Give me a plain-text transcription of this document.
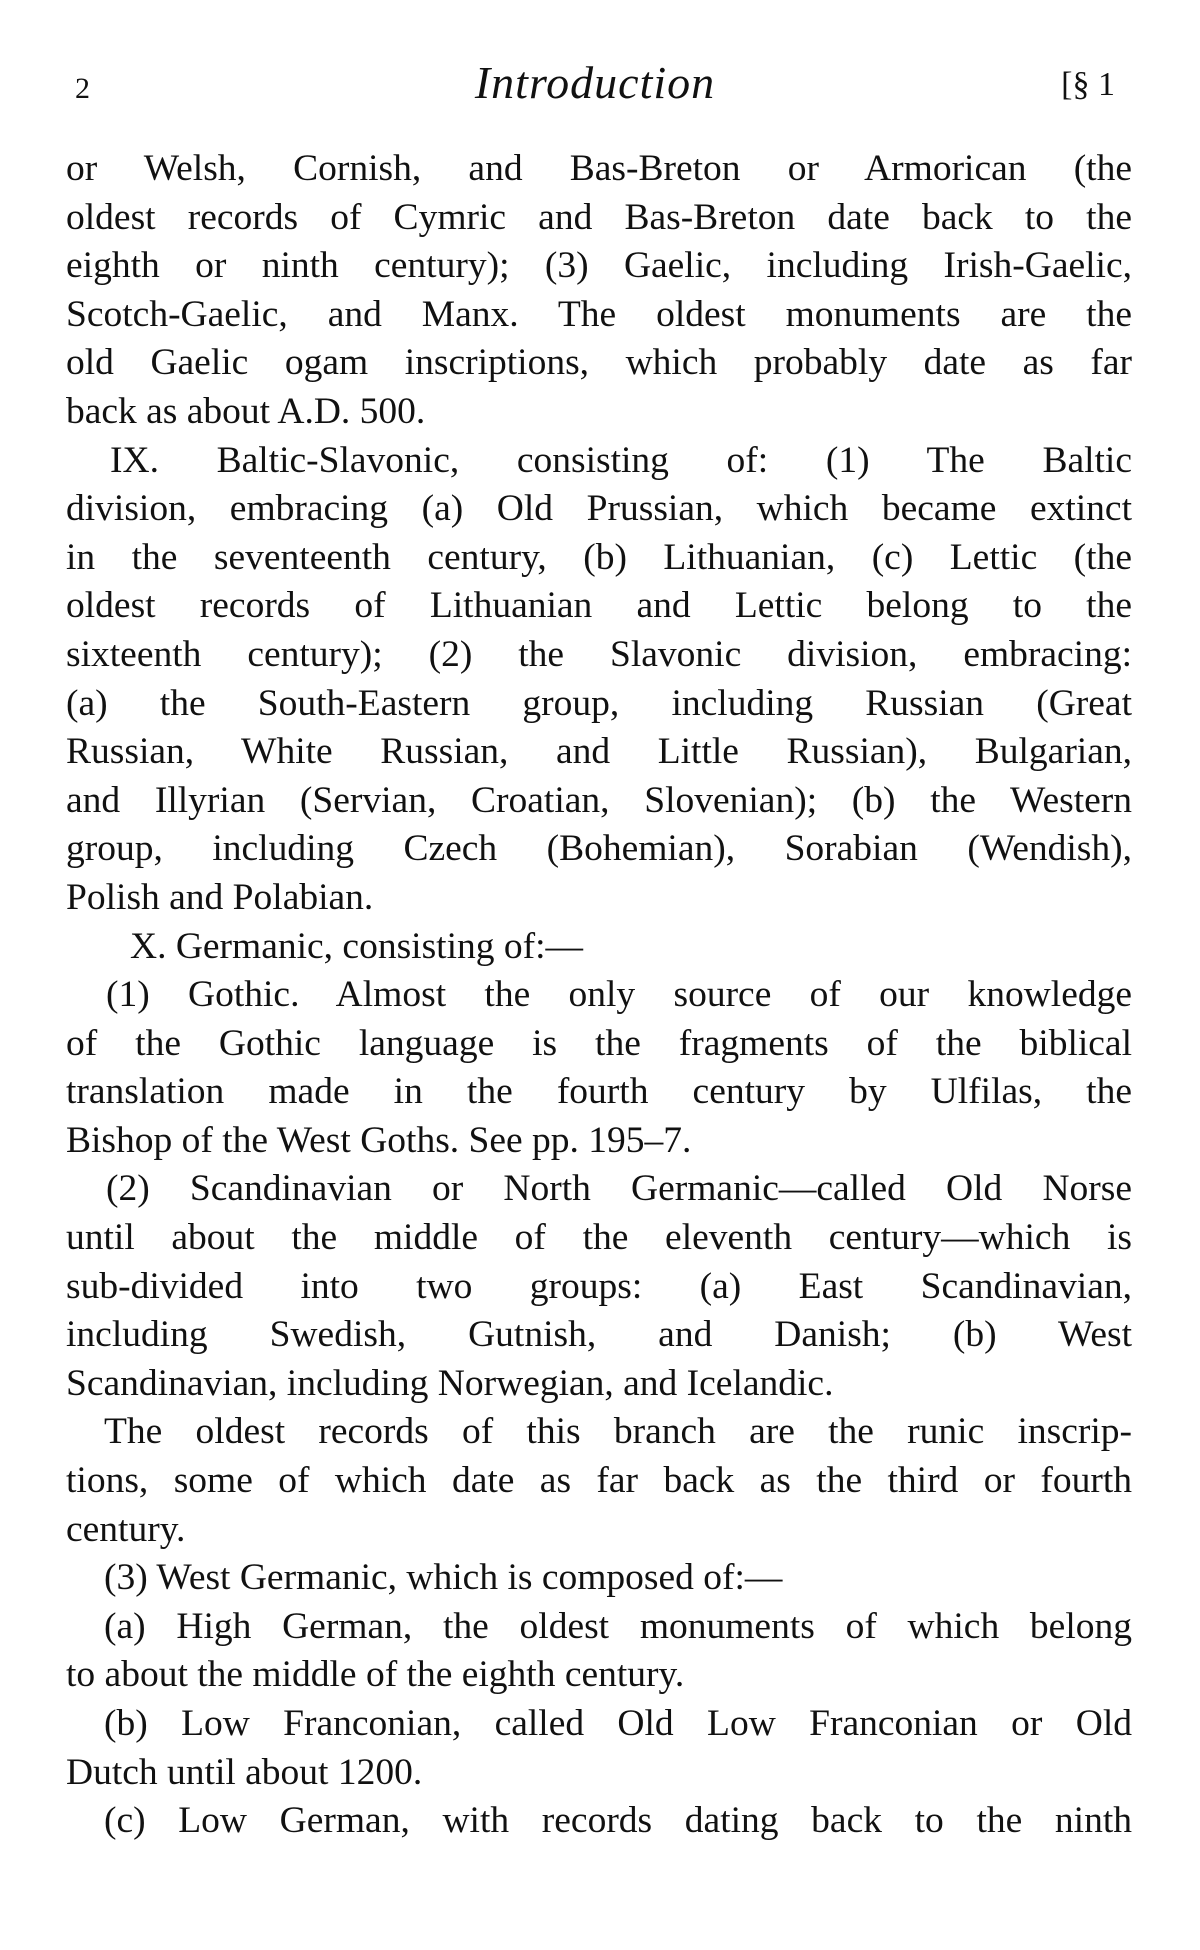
2	Introduction	[§ 1
or Welsh, Cornish, and Bas-Breton or Armorican (the
oldest records of Cymric and Bas-Breton date back to the
eighth or ninth century); (3) Gaelic, including Irish-Gaelic,
Scotch-Gaelic, and Manx. The oldest monuments are the
old Gaelic ogam inscriptions, which probably date as far
back as about A.D. 500.
IX. Baltic-Slavonic, consisting of: (1) The Baltic
division, embracing (a) Old Prussian, which became extinct
in the seventeenth century, (b) Lithuanian, (c) Lettic (the
oldest records of Lithuanian and Lettic belong to the
sixteenth century); (2) the Slavonic division, embracing:
(a) the South-Eastern group, including Russian (Great
Russian, White Russian, and Little Russian), Bulgarian,
and Illyrian (Servian, Croatian, Slovenian); (b) the Western
group, including Czech (Bohemian), Sorabian (Wendish),
Polish and Polabian.
X. Germanic, consisting of:—
(1) Gothic. Almost the only source of our knowledge
of the Gothic language is the fragments of the biblical
translation made in the fourth century by Ulfilas, the
Bishop of the West Goths. See pp. 195–7.
(2) Scandinavian or North Germanic—called Old Norse
until about the middle of the eleventh century—which is
sub-divided into two groups: (a) East Scandinavian,
including Swedish, Gutnish, and Danish; (b) West
Scandinavian, including Norwegian, and Icelandic.
The oldest records of this branch are the runic inscrip-
tions, some of which date as far back as the third or fourth
century.
(3) West Germanic, which is composed of:—
(a) High German, the oldest monuments of which belong
to about the middle of the eighth century.
(b) Low Franconian, called Old Low Franconian or Old
Dutch until about 1200.
(c) Low German, with records dating back to the ninth
